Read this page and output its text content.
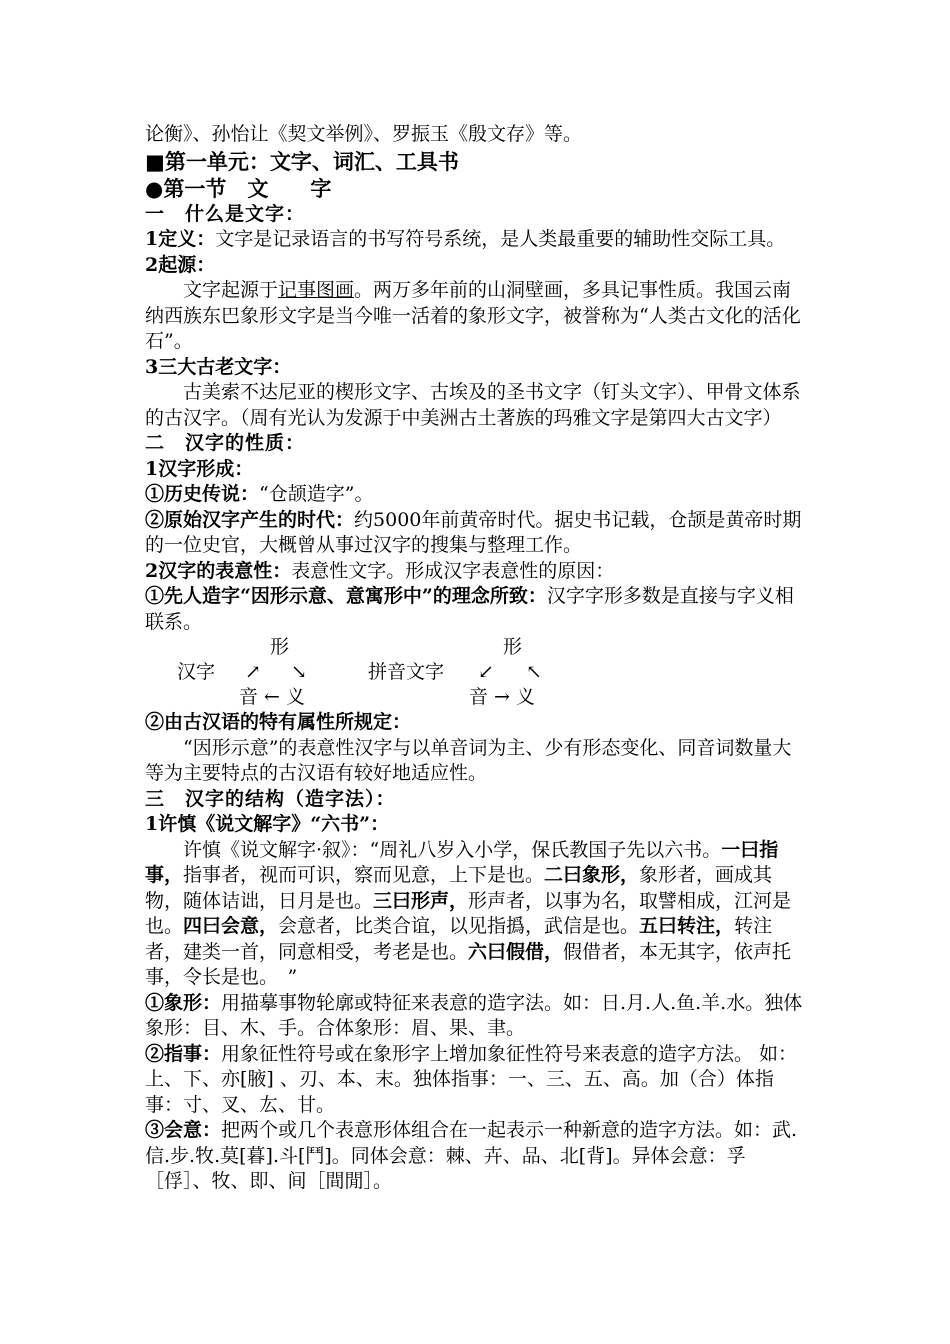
论衡》、孙怡让《契文举例》、罗振玉《殷文存》等。

■第一单元：文字、词汇、工具书

●第一节　文　　字

一　什么是文字：

1定义：文字是记录语言的书写符号系统，是人类最重要的辅助性交际工具。

2起源：

文字起源于记事图画。两万多年前的山洞壁画，多具记事性质。我国云南纳西族东巴象形文字是当今唯一活着的象形文字，被誉称为“人类古文化的活化石”。

3三大古老文字：

古美索不达尼亚的楔形文字、古埃及的圣书文字（钉头文字）、甲骨文体系的古汉字。（周有光认为发源于中美洲古土著族的玛雅文字是第四大古文字）

二　汉字的性质：

1汉字形成：

①历史传说：“仓颉造字”。

②原始汉字产生的时代：约5000年前黄帝时代。据史书记载，仓颉是黄帝时期的一位史官，大概曾从事过汉字的搜集与整理工作。

2汉字的表意性：表意性文字。形成汉字表意性的原因：

①先人造字“因形示意、意寓形中”的理念所致：汉字字形多数是直接与字义相联系。

形
汉字 ↗ ↘
音 ← 义
形
拼音文字 ↙ ↖
音 → 义

②由古汉语的特有属性所规定：

“因形示意”的表意性汉字与以单音词为主、少有形态变化、同音词数量大等为主要特点的古汉语有较好地适应性。

三　汉字的结构（造字法）：

1许慎《说文解字》“六书”：

许慎《说文解字·叙》：“周礼八岁入小学，保氏教国子先以六书。一曰指事，指事者，视而可识，察而见意，上下是也。二曰象形，象形者，画成其物，随体诘诎，日月是也。三曰形声，形声者，以事为名，取譬相成，江河是也。四曰会意，会意者，比类合谊，以见指撝，武信是也。五曰转注，转注者，建类一首，同意相受，考老是也。六曰假借，假借者，本无其字，依声托事，令长是也。　”

①象形：用描摹事物轮廓或特征来表意的造字法。如：日.月.人.鱼.羊.水。独体象形：目、木、手。合体象形：眉、果、聿。

②指事：用象征性符号或在象形字上增加象征性符号来表意的造字方法。 如：上、下、亦[腋] 、刃、本、末。独体指事：一、三、五、高。加（合）体指事：寸、叉、厷、甘。

③会意：把两个或几个表意形体组合在一起表示一种新意的造字方法。如：武.信.步.牧.莫[暮].斗[鬥]。同体会意：棘、卉、品、北[背]。异体会意：孚［俘］、牧、即、间［間閒］。
